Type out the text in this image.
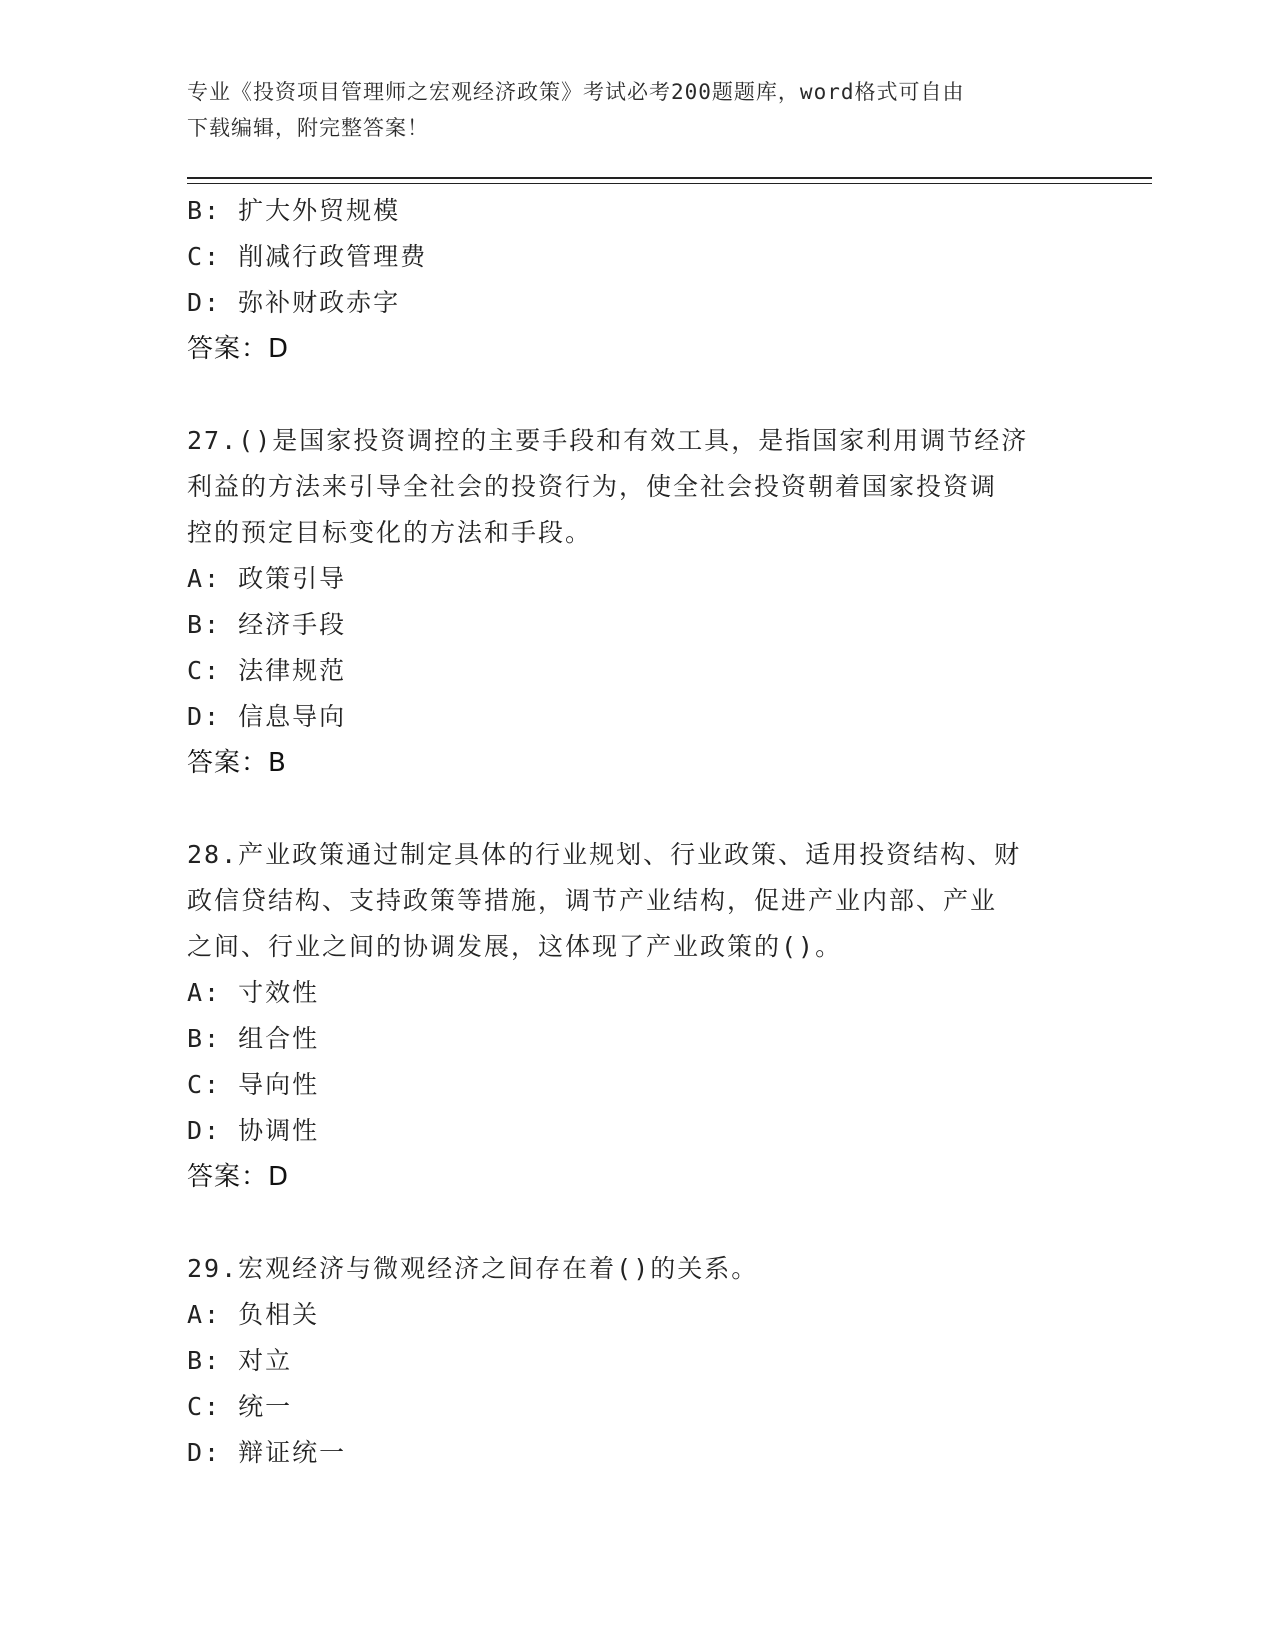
专业《投资项目管理师之宏观经济政策》考试必考200题题库，word格式可自由
下载编辑，附完整答案！
B: 扩大外贸规模
C: 削减行政管理费
D: 弥补财政赤字
答案：D
27.()是国家投资调控的主要手段和有效工具，是指国家利用调节经济
利益的方法来引导全社会的投资行为，使全社会投资朝着国家投资调
控的预定目标变化的方法和手段。
A: 政策引导
B: 经济手段
C: 法律规范
D: 信息导向
答案：B
28.产业政策通过制定具体的行业规划、行业政策、适用投资结构、财
政信贷结构、支持政策等措施，调节产业结构，促进产业内部、产业
之间、行业之间的协调发展，这体现了产业政策的()。
A: 寸效性
B: 组合性
C: 导向性
D: 协调性
答案：D
29.宏观经济与微观经济之间存在着()的关系。
A: 负相关
B: 对立
C: 统一
D: 辩证统一
